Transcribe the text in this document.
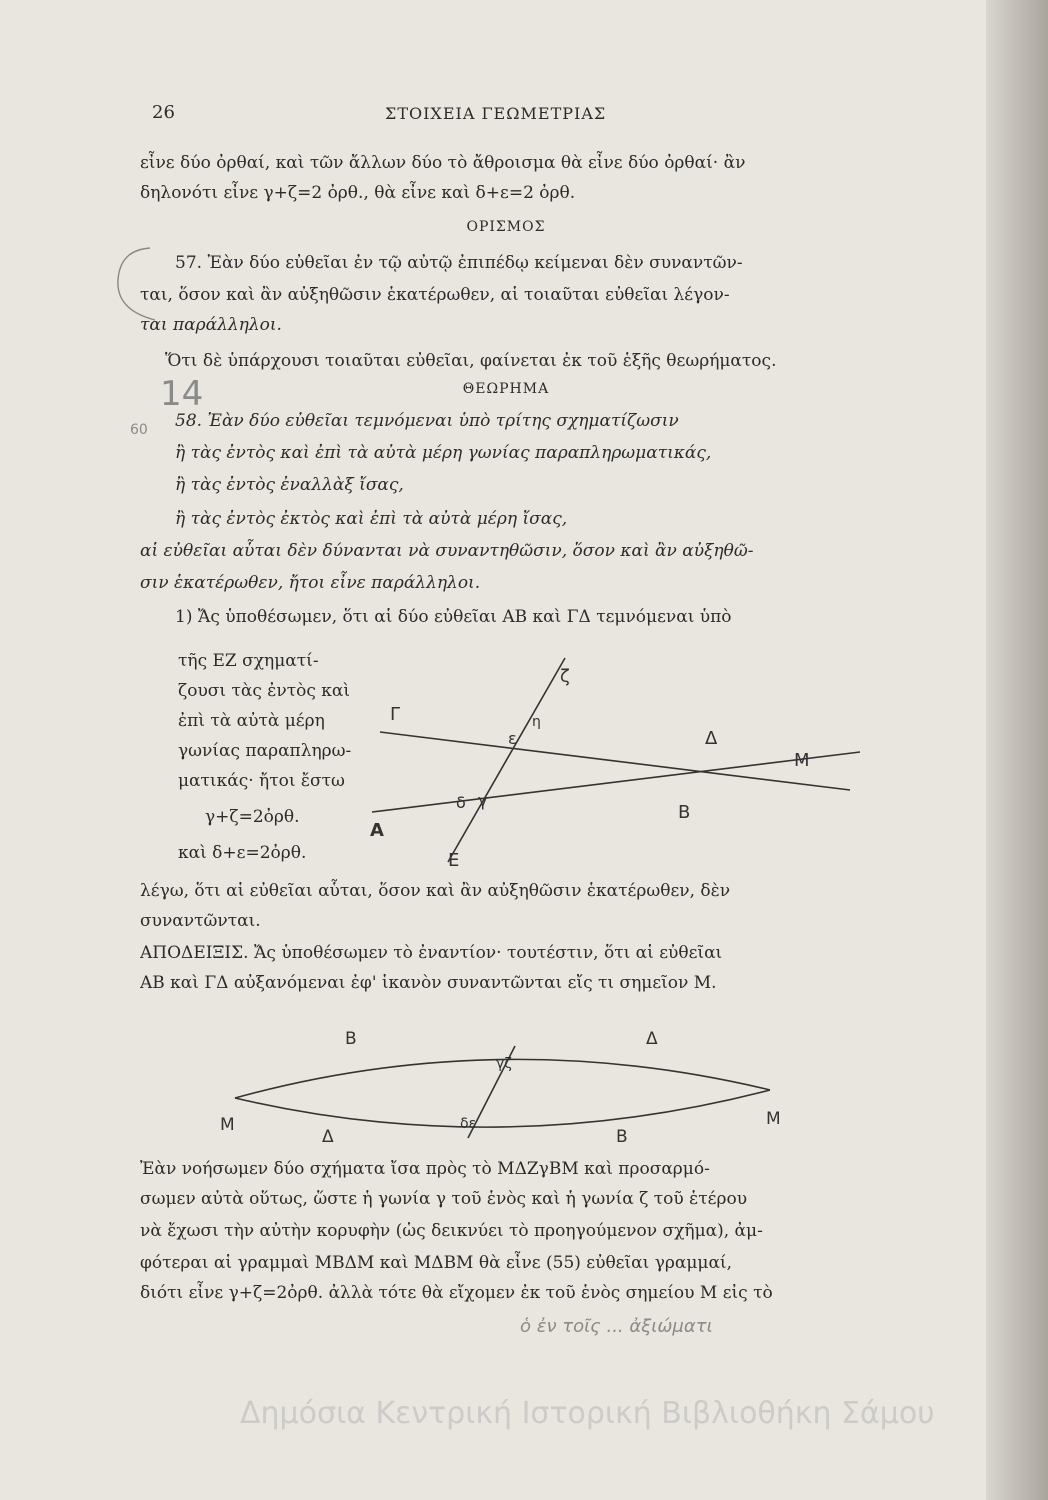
26	ΣΤΟΙΧΕΙΑ ΓΕΩΜΕΤΡΙΑΣ
εἶνε δύο ὀρθαί, καὶ τῶν ἄλλων δύο τὸ ἄθροισμα θὰ εἶνε δύο ὀρθαί· ἂν
δηλονότι εἶνε γ+ζ=2 ὀρθ., θὰ εἶνε καὶ δ+ε=2 ὀρθ.
ΟΡΙΣΜΟΣ
57. Ἐὰν δύο εὐθεῖαι ἐν τῷ αὐτῷ ἐπιπέδῳ κείμεναι δὲν συναντῶν-
ται, ὅσον καὶ ἂν αὐξηθῶσιν ἑκατέρωθεν, αἱ τοιαῦται εὐθεῖαι λέγον-
ται παράλληλοι.
Ὅτι δὲ ὑπάρχουσι τοιαῦται εὐθεῖαι, φαίνεται ἐκ τοῦ ἑξῆς θεωρήματος.
ΘΕΩΡΗΜΑ
58. Ἐὰν δύο εὐθεῖαι τεμνόμεναι ὑπὸ τρίτης σχηματίζωσιν
ἢ τὰς ἐντὸς καὶ ἐπὶ τὰ αὐτὰ μέρη γωνίας παραπληρωματικάς,
ἢ τὰς ἐντὸς ἐναλλὰξ ἴσας,
ἢ τὰς ἐντὸς ἐκτὸς καὶ ἐπὶ τὰ αὐτὰ μέρη ἴσας,
αἱ εὐθεῖαι αὗται δὲν δύνανται νὰ συναντηθῶσιν, ὅσον καὶ ἂν αὐξηθῶ-
σιν ἑκατέρωθεν, ἤτοι εἶνε παράλληλοι.
1) Ἄς ὑποθέσωμεν, ὅτι αἱ δύο εὐθεῖαι ΑΒ καὶ ΓΔ τεμνόμεναι ὑπὸ
τῆς ΕΖ σχηματί-
ζουσι τὰς ἐντὸς καὶ
ἐπὶ τὰ αὐτὰ μέρη
γωνίας παραπληρω-
ματικάς· ἤτοι ἔστω
γ+ζ=2ὀρθ.
καὶ δ+ε=2ὀρθ.
ζ
η
ε
δ γ
Γ
Δ
Μ
Α
Β
Ε
λέγω, ὅτι αἱ εὐθεῖαι αὗται, ὅσον καὶ ἂν αὐξηθῶσιν ἑκατέρωθεν, δὲν
συναντῶνται.
ΑΠΟΔΕΙΞΙΣ. Ἄς ὑποθέσωμεν τὸ ἐναντίον· τουτέστιν, ὅτι αἱ εὐθεῖαι
ΑΒ καὶ ΓΔ αὐξανόμεναι ἐφ' ἱκανὸν συναντῶνται εἴς τι σημεῖον Μ.
Β	Δ
Μ	Μ
Δ	Β
γζ
δε
Ἐὰν νοήσωμεν δύο σχήματα ἴσα πρὸς τὸ ΜΔΖγΒΜ καὶ προσαρμό-
σωμεν αὐτὰ οὕτως, ὥστε ἡ γωνία γ τοῦ ἑνὸς καὶ ἡ γωνία ζ τοῦ ἑτέρου
νὰ ἔχωσι τὴν αὐτὴν κορυφὴν (ὡς δεικνύει τὸ προηγούμενον σχῆμα), ἀμ-
φότεραι αἱ γραμμαὶ ΜΒΔΜ καὶ ΜΔΒΜ θὰ εἶνε (55) εὐθεῖαι γραμμαί,
διότι εἶνε γ+ζ=2ὀρθ. ἀλλὰ τότε θὰ εἴχομεν ἐκ τοῦ ἑνὸς σημείου Μ εἰς τὸ
14
60
ὁ ἐν τοῖς ... ἀξιώματι
Δημόσια Κεντρική Ιστορική Βιβλιοθήκη Σάμου
